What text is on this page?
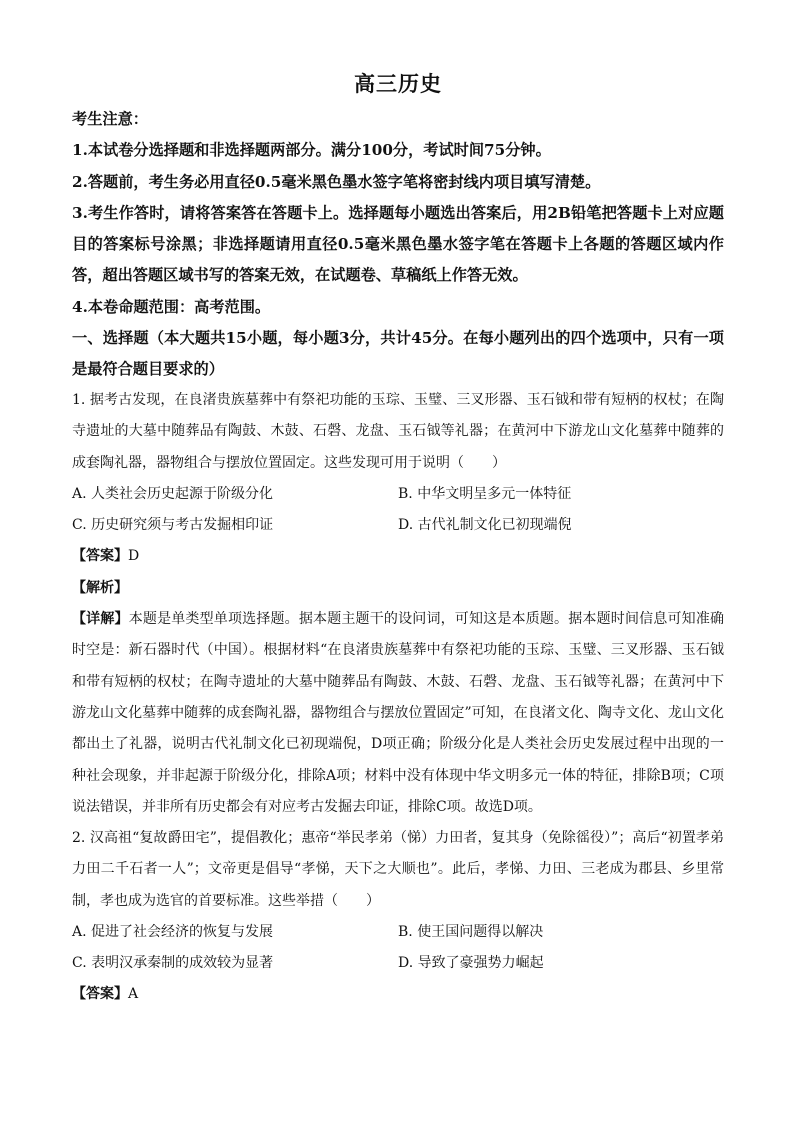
高三历史

考生注意：

1.本试卷分选择题和非选择题两部分。满分100分，考试时间75分钟。

2.答题前，考生务必用直径0.5毫米黑色墨水签字笔将密封线内项目填写清楚。

3.考生作答时，请将答案答在答题卡上。选择题每小题选出答案后，用2B铅笔把答题卡上对应题目的答案标号涂黑；非选择题请用直径0.5毫米黑色墨水签字笔在答题卡上各题的答题区域内作答，超出答题区域书写的答案无效，在试题卷、草稿纸上作答无效。

4.本卷命题范围：高考范围。

一、选择题（本大题共15小题，每小题3分，共计45分。在每小题列出的四个选项中，只有一项是最符合题目要求的）

1. 据考古发现，在良渚贵族墓葬中有祭祀功能的玉琮、玉璧、三叉形器、玉石钺和带有短柄的权杖；在陶寺遗址的大墓中随葬品有陶鼓、木鼓、石磬、龙盘、玉石钺等礼器；在黄河中下游龙山文化墓葬中随葬的成套陶礼器，器物组合与摆放位置固定。这些发现可用于说明（　　）

A. 人类社会历史起源于阶级分化	B. 中华文明呈多元一体特征
C. 历史研究须与考古发掘相印证	D. 古代礼制文化已初现端倪

【答案】D

【解析】

【详解】本题是单类型单项选择题。据本题主题干的设问词，可知这是本质题。据本题时间信息可知准确时空是：新石器时代（中国）。根据材料“在良渚贵族墓葬中有祭祀功能的玉琮、玉璧、三叉形器、玉石钺和带有短柄的权杖；在陶寺遗址的大墓中随葬品有陶鼓、木鼓、石磬、龙盘、玉石钺等礼器；在黄河中下游龙山文化墓葬中随葬的成套陶礼器，器物组合与摆放位置固定”可知，在良渚文化、陶寺文化、龙山文化都出土了礼器，说明古代礼制文化已初现端倪，D项正确；阶级分化是人类社会历史发展过程中出现的一种社会现象，并非起源于阶级分化，排除A项；材料中没有体现中华文明多元一体的特征，排除B项；C项说法错误，并非所有历史都会有对应考古发掘去印证，排除C项。故选D项。

2. 汉高祖“复故爵田宅”，提倡教化；惠帝“举民孝弟（悌）力田者，复其身（免除徭役）”；高后“初置孝弟力田二千石者一人”；文帝更是倡导“孝悌，天下之大顺也”。此后，孝悌、力田、三老成为郡县、乡里常制，孝也成为选官的首要标准。这些举措（　　）

A. 促进了社会经济的恢复与发展	B. 使王国问题得以解决
C. 表明汉承秦制的成效较为显著	D. 导致了豪强势力崛起

【答案】A
